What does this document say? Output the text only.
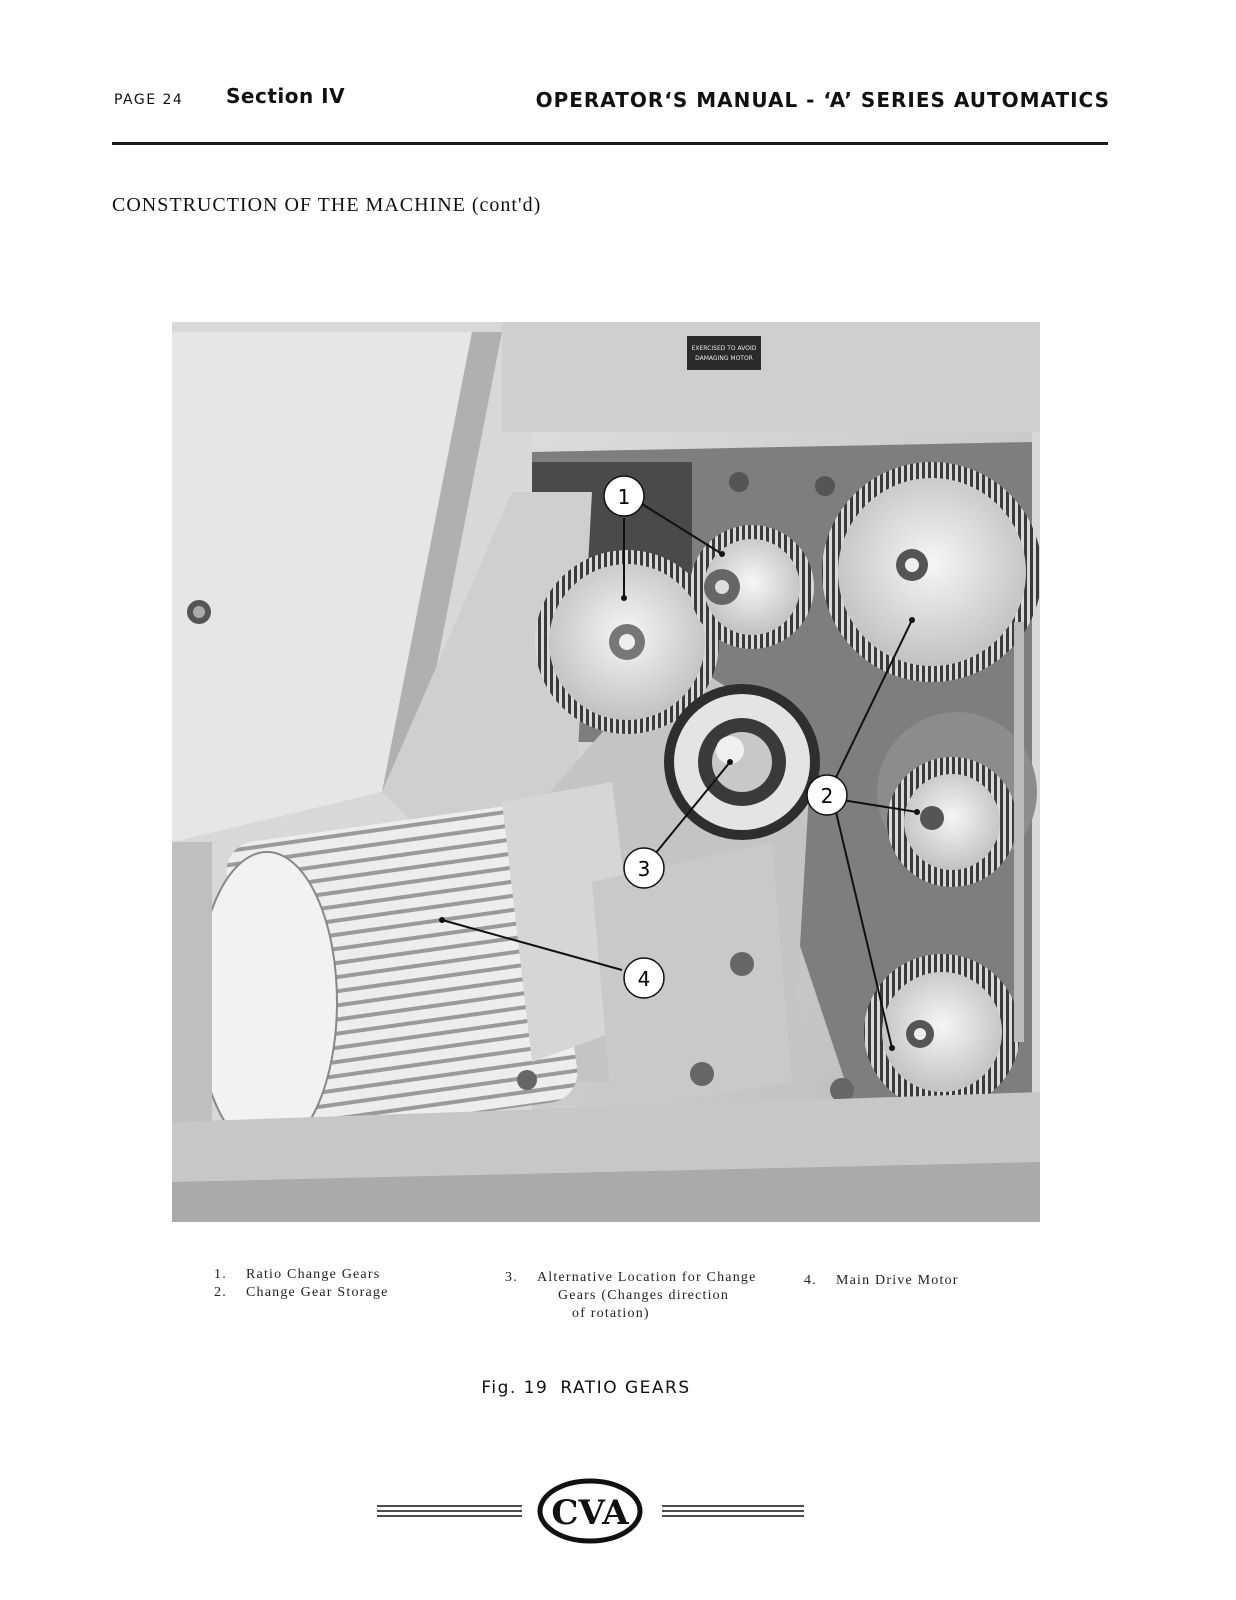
PAGE 24 Section IV	OPERATOR‘S MANUAL - ‘A’ SERIES AUTOMATICS
CONSTRUCTION OF THE MACHINE (cont'd)
EXERCISED TO AVOID
DAMAGING MOTOR
1
2
3
4
1. Ratio Change Gears
2. Change Gear Storage
3. Alternative Location for Change
Gears (Changes direction
of rotation)
4. Main Drive Motor
Fig. 19 RATIO GEARS
CVA
